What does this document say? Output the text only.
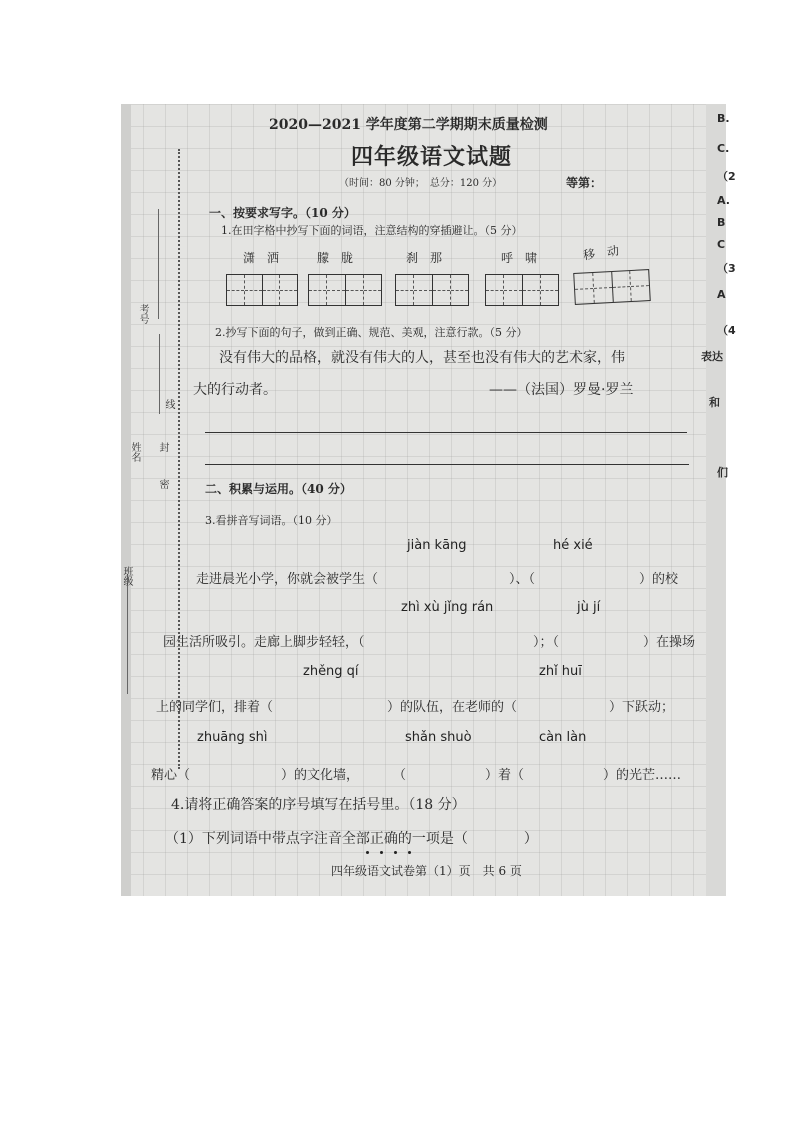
2020—2021 学年度第二学期期末质量检测
四年级语文试题
（时间：80 分钟；　总分：120 分）	等第：
考号
姓名
班级
线
封
密
一、按要求写字。（10 分）
1.在田字格中抄写下面的词语，注意结构的穿插避让。（5 分）
潇　洒	朦　胧	刹　那	呼　啸	移　动
2.抄写下面的句子，做到正确、规范、美观，注意行款。（5 分）
没有伟大的品格，就没有伟大的人，甚至也没有伟大的艺术家，伟
大的行动者。	——（法国）罗曼·罗兰
二、积累与运用。（40 分）
3.看拼音写词语。（10 分）
jiàn kāng	hé xié
走进晨光小学，你就会被学生（	）、（	）的校
zhì xù jǐng rán	jù jí
园生活所吸引。走廊上脚步轻轻，（	）；（	）在操场
zhěng qí	zhǐ huī
上的同学们，排着（	）的队伍，在老师的（	）下跃动；
zhuāng shì	shǎn shuò	càn làn
精心（	）的文化墙，	（	）着（	）的光芒……
4.请将正确答案的序号填写在括号里。（18 分）
（1）下列词语中带点字注音全部正确的一项是（　　　　）
四年级语文试卷第（1）页　共 6 页
B.
C.
（2
A.
B
C
（3
A
（4
表达
和
们
